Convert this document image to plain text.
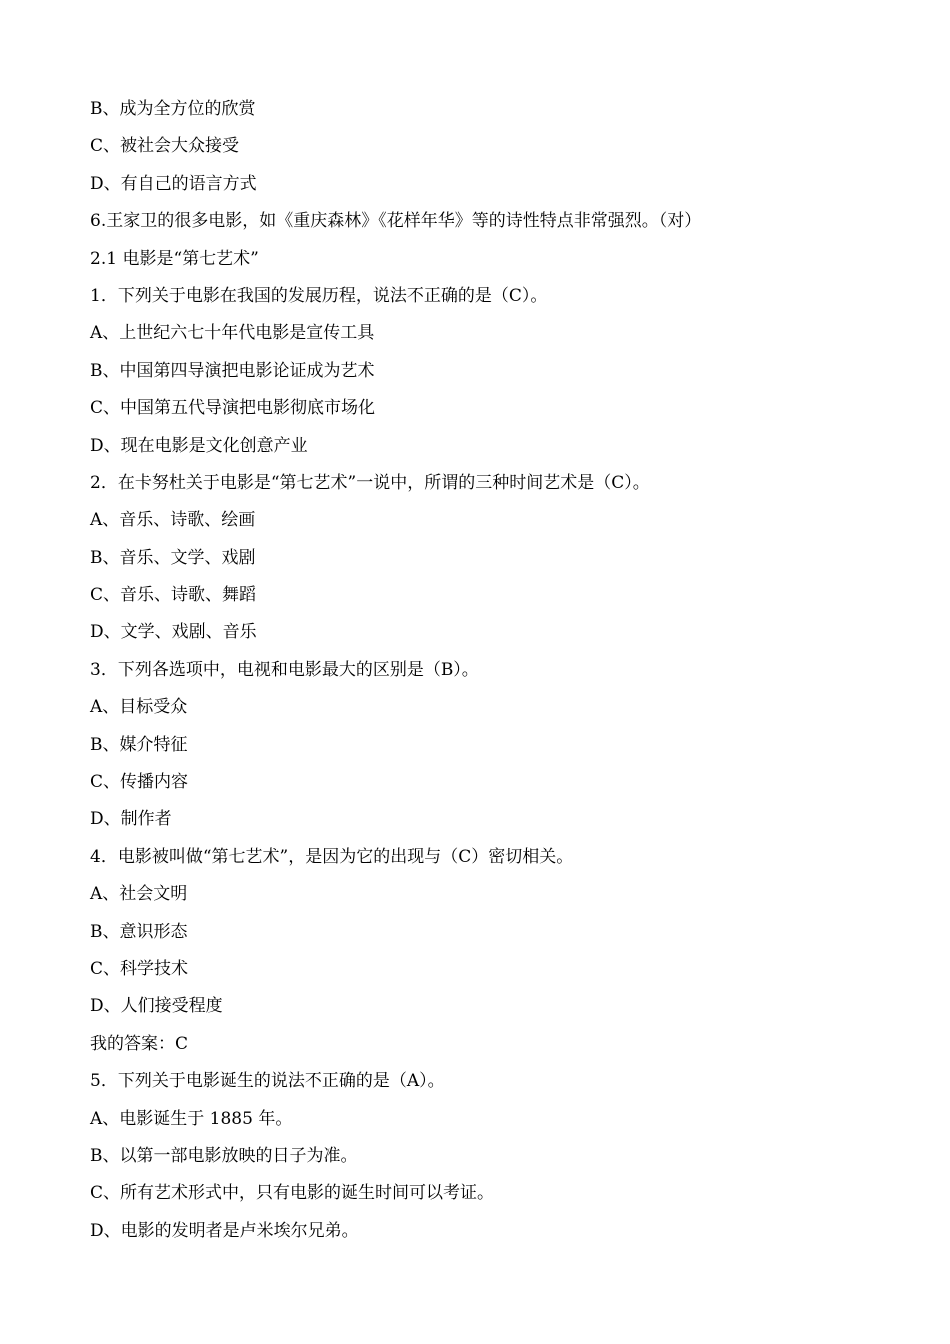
B、成为全方位的欣赏
C、被社会大众接受
D、有自己的语言方式
6.王家卫的很多电影，如《重庆森林》《花样年华》等的诗性特点非常强烈。（对）
2.1 电影是“第七艺术”
1．下列关于电影在我国的发展历程，说法不正确的是（C）。
A、上世纪六七十年代电影是宣传工具
B、中国第四导演把电影论证成为艺术
C、中国第五代导演把电影彻底市场化
D、现在电影是文化创意产业
2．在卡努杜关于电影是“第七艺术”一说中，所谓的三种时间艺术是（C）。
A、音乐、诗歌、绘画
B、音乐、文学、戏剧
C、音乐、诗歌、舞蹈
D、文学、戏剧、音乐
3．下列各选项中，电视和电影最大的区别是（B）。
A、目标受众
B、媒介特征
C、传播内容
D、制作者
4．电影被叫做“第七艺术”，是因为它的出现与（C）密切相关。
A、社会文明
B、意识形态
C、科学技术
D、人们接受程度
我的答案：C
5．下列关于电影诞生的说法不正确的是（A）。
A、电影诞生于 1885 年。
B、以第一部电影放映的日子为准。
C、所有艺术形式中，只有电影的诞生时间可以考证。
D、电影的发明者是卢米埃尔兄弟。
